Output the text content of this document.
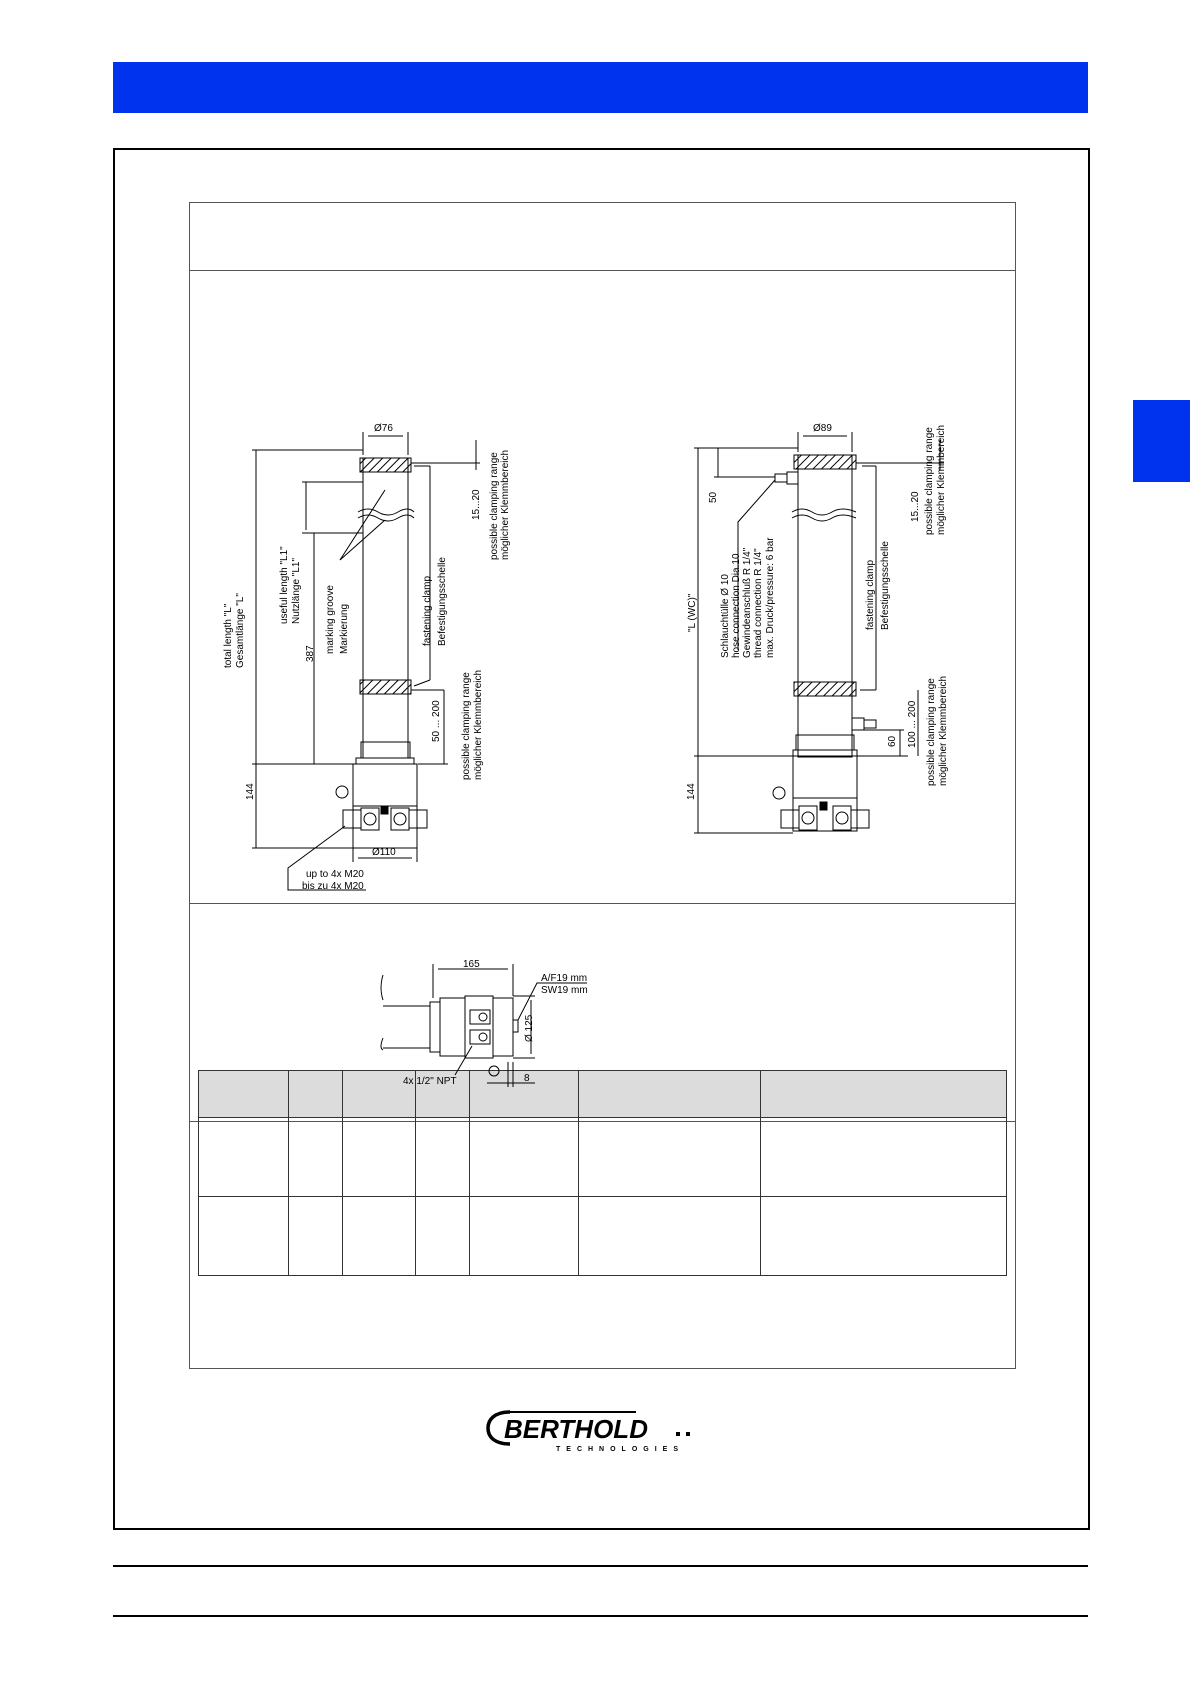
Ø76
Ø110
15...20 possible clamping range möglicher Klemmbereich
fastening clamp Befestigungsschelle
50 ... 200 possible clamping range möglicher Klemmbereich
marking groove Markierung
useful length "L1" Nutzlänge "L1"
387
total length "L" Gesamtlänge "L"
144
up to 4x M20
bis zu 4x M20
Ø89
15...20 possible clamping range möglicher Klemmbereich
fastening clamp Befestigungsschelle
50
Schlauchtülle Ø 10 hose connection Dia.10 Gewindeanschluß R 1/4" thread connection R 1/4" max. Druck/pressure: 6 bar
"L (WC)"
60 100 ... 200 possible clamping range möglicher Klemmbereich
144
165
A/F19 mm
SW19 mm
Ø 125
8
4x 1/2" NPT
BERTHOLD
TECHNOLOGIES
